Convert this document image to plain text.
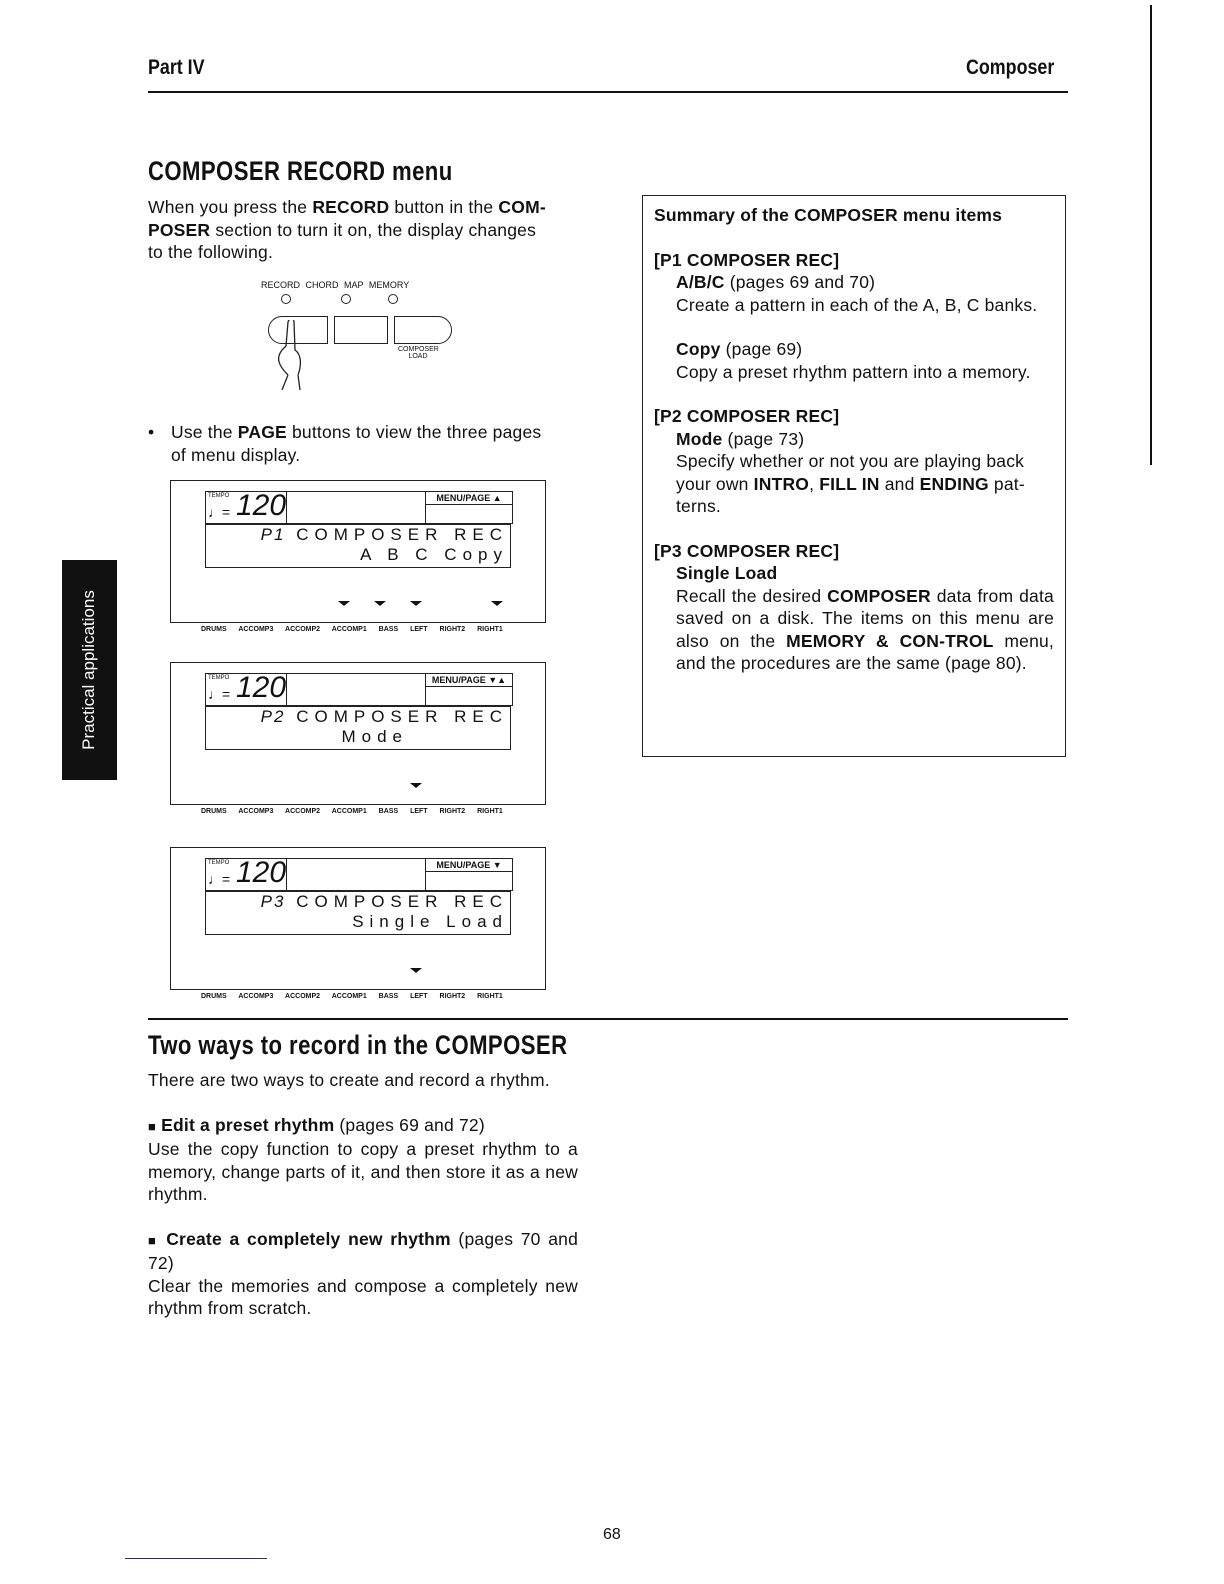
Part IV	Composer
Practical applications
COMPOSER RECORD menu
When you press the RECORD button in the COM-
POSER section to turn it on, the display changes
to the following.
RECORD CHORD MAP MEMORY
COMPOSER
LOAD
• Use the PAGE buttons to view the three pages
of menu display.
TEMPO
♩= 120	MENU/PAGE ▲
P1 COMPOSER REC
A B C Copy
DRUMS ACCOMP3 ACCOMP2 ACCOMP1 BASS LEFT RIGHT2 RIGHT1
TEMPO
♩= 120	MENU/PAGE ▼▲
P2 COMPOSER REC
Mode
DRUMS ACCOMP3 ACCOMP2 ACCOMP1 BASS LEFT RIGHT2 RIGHT1
TEMPO
♩= 120	MENU/PAGE ▼
P3 COMPOSER REC
Single Load
DRUMS ACCOMP3 ACCOMP2 ACCOMP1 BASS LEFT RIGHT2 RIGHT1
Summary of the COMPOSER menu items
[P1 COMPOSER REC]
A/B/C (pages 69 and 70)
Create a pattern in each of the A, B, C banks.
Copy (page 69)
Copy a preset rhythm pattern into a memory.
[P2 COMPOSER REC]
Mode (page 73)
Specify whether or not you are playing back your own INTRO, FILL IN and ENDING pat-terns.
[P3 COMPOSER REC]
Single Load
Recall the desired COMPOSER data from data saved on a disk. The items on this menu are also on the MEMORY & CON-TROL menu, and the procedures are the same (page 80).
Two ways to record in the COMPOSER
There are two ways to create and record a rhythm.
■ Edit a preset rhythm (pages 69 and 72)
Use the copy function to copy a preset rhythm to a memory, change parts of it, and then store it as a new rhythm.
■ Create a completely new rhythm (pages 70 and 72)
Clear the memories and compose a completely new rhythm from scratch.
68
